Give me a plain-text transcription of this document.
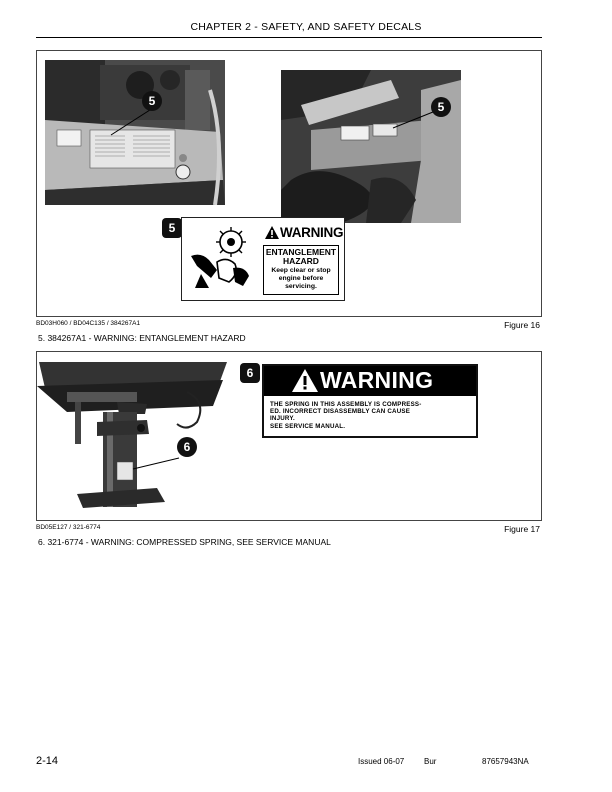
CHAPTER 2 - SAFETY, AND SAFETY DECALS
5	5
5	WARNING
ENTANGLEMENT
HAZARD
Keep clear or stop
engine before
servicing.
BD03H060 / BD04C135 / 384267A1	Figure 16
5. 384267A1 - WARNING: ENTANGLEMENT HAZARD
6
6	WARNING
THE SPRING IN THIS ASSEMBLY IS COMPRESS-
ED. INCORRECT DISASSEMBLY CAN CAUSE
INJURY.
SEE SERVICE MANUAL.
BD05E127 / 321-6774	Figure 17
6. 321-6774 - WARNING: COMPRESSED SPRING, SEE SERVICE MANUAL
2-14	Issued 06-07 Bur	87657943NA
